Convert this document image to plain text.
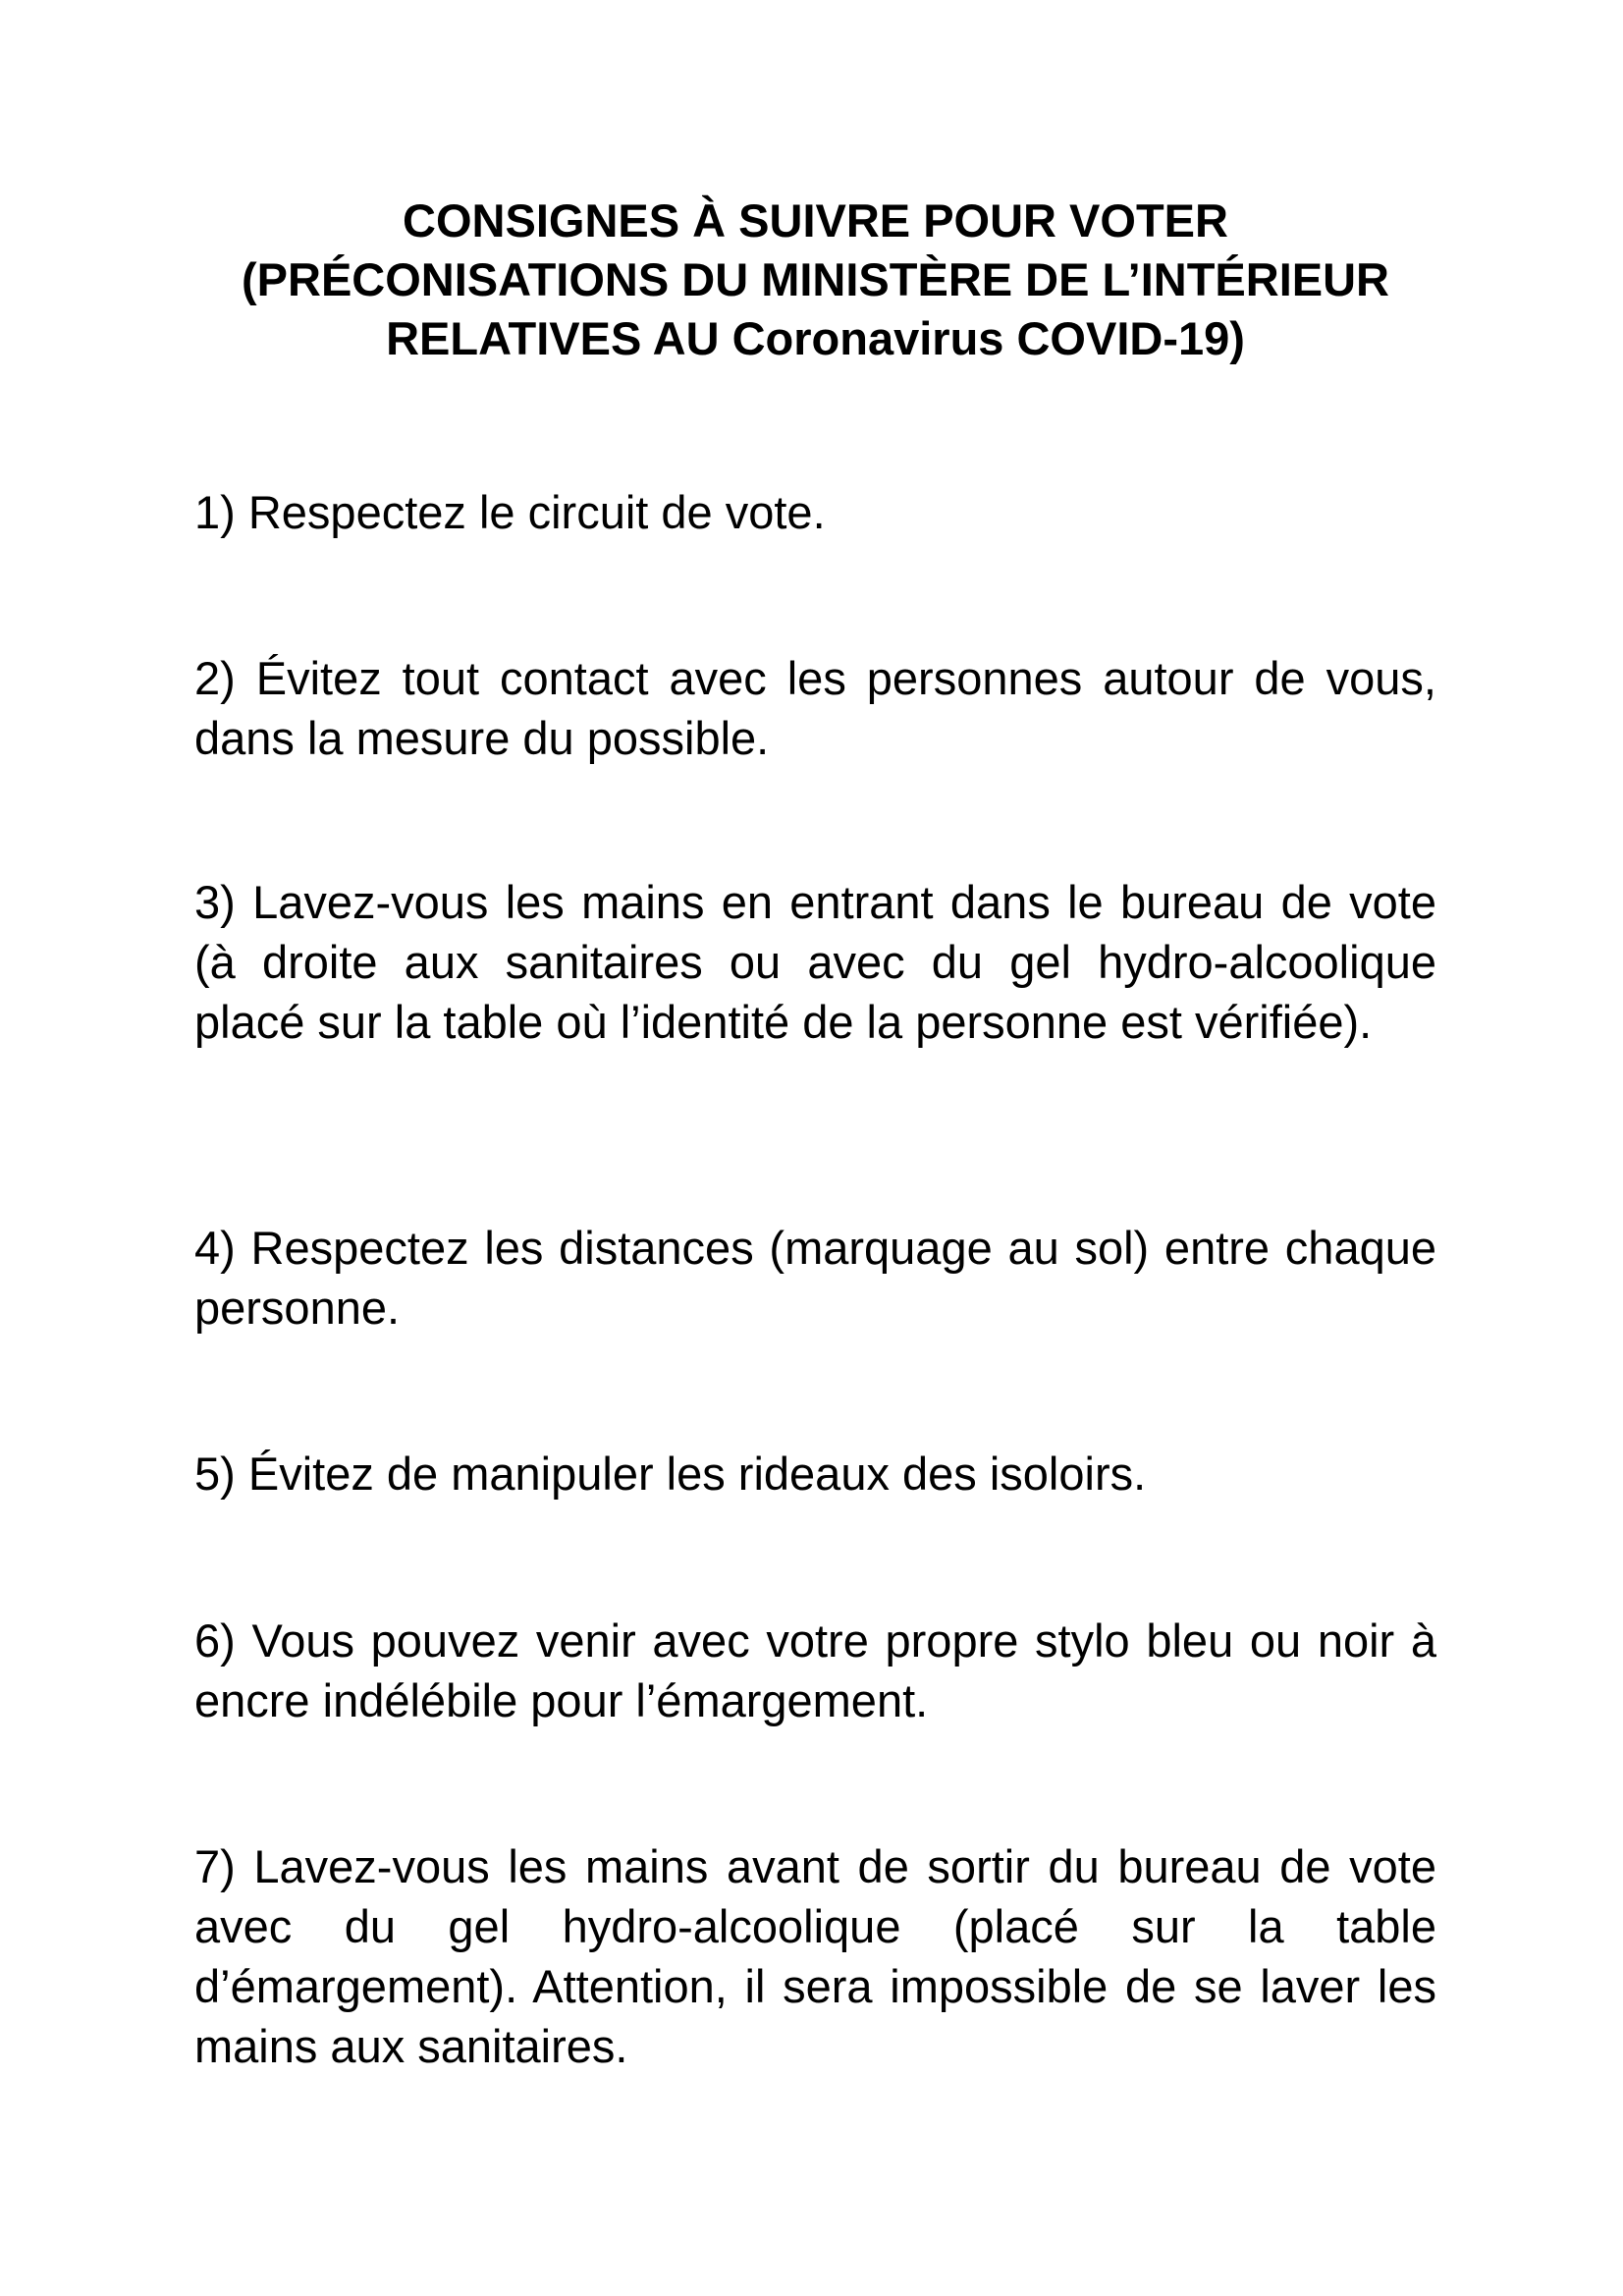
CONSIGNES À SUIVRE POUR VOTER
(PRÉCONISATIONS DU MINISTÈRE DE L’INTÉRIEUR
RELATIVES AU Coronavirus COVID-19)

1) Respectez le circuit de vote.

2) Évitez tout contact avec les personnes autour de vous, dans la mesure du possible.

3) Lavez-vous les mains en entrant dans le bureau de vote (à droite aux sanitaires ou avec du gel hydro-alcoolique placé sur la table où l’identité de la personne est vérifiée).

4) Respectez les distances (marquage au sol) entre chaque personne.

5) Évitez de manipuler les rideaux des isoloirs.

6) Vous pouvez venir avec votre propre stylo bleu ou noir à encre indélébile pour l’émargement.

7) Lavez-vous les mains avant de sortir du bureau de vote avec du gel hydro-alcoolique (placé sur la table d’émargement). Attention, il sera impossible de se laver les mains aux sanitaires.
